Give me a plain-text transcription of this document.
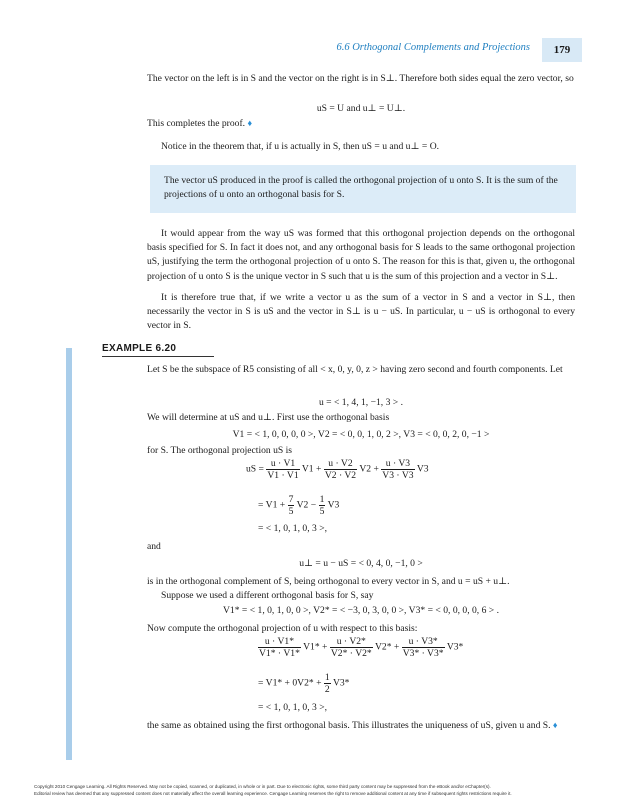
6.6 Orthogonal Complements and Projections	179
The vector on the left is in S and the vector on the right is in S⊥. Therefore both sides equal the zero vector, so
uS = U and u⊥ = U⊥.
This completes the proof. ♦
Notice in the theorem that, if u is actually in S, then uS = u and u⊥ = O.
The vector uS produced in the proof is called the orthogonal projection of u onto S. It is the sum of the projections of u onto an orthogonal basis for S.
It would appear from the way uS was formed that this orthogonal projection depends on the orthogonal basis specified for S. In fact it does not, and any orthogonal basis for S leads to the same orthogonal projection uS, justifying the term the orthogonal projection of u onto S. The reason for this is that, given u, the orthogonal projection of u onto S is the unique vector in S such that u is the sum of this projection and a vector in S⊥.
It is therefore true that, if we write a vector u as the sum of a vector in S and a vector in S⊥, then necessarily the vector in S is uS and the vector in S⊥ is u − uS. In particular, u − uS is orthogonal to every vector in S.
EXAMPLE 6.20
Let S be the subspace of R5 consisting of all < x, 0, y, 0, z > having zero second and fourth components. Let
u = < 1, 4, 1, −1, 3 > .
We will determine at uS and u⊥. First use the orthogonal basis
V1 = < 1, 0, 0, 0, 0 >, V2 = < 0, 0, 1, 0, 2 >, V3 = < 0, 0, 2, 0, −1 >
for S. The orthogonal projection uS is
uS = $\frac{u \cdot V1}{V1 \cdot V1} V1 + \frac{u \cdot V2}{V2 \cdot V2} V2 + \frac{u \cdot V3}{V3 \cdot V3} V3$
= $V1 + \frac{7}{5} V2 - \frac{1}{5} V3$
= < 1, 0, 1, 0, 3 >,
and
u⊥ = u − uS = < 0, 4, 0, −1, 0 >
is in the orthogonal complement of S, being orthogonal to every vector in S, and u = uS + u⊥.
Suppose we used a different orthogonal basis for S, say
V1* = < 1, 0, 1, 0, 0 >, V2* = < −3, 0, 3, 0, 0 >, V3* = < 0, 0, 0, 0, 6 > .
Now compute the orthogonal projection of u with respect to this basis:
$\frac{u \cdot V1*}{V1* \cdot V1*} V1* + \frac{u \cdot V2*}{V2* \cdot V2*} V2* + \frac{u \cdot V3*}{V3* \cdot V3*} V3*$
= $V1* + 0V2* + \frac{1}{2} V3*$
= < 1, 0, 1, 0, 3 >,
the same as obtained using the first orthogonal basis. This illustrates the uniqueness of uS, given u and S. ♦
Copyright 2010 Cengage Learning. All Rights Reserved. May not be copied, scanned, or duplicated, in whole or in part. Due to electronic rights, some third party content may be suppressed from the eBook and/or eChapter(s).
Editorial review has deemed that any suppressed content does not materially affect the overall learning experience. Cengage Learning reserves the right to remove additional content at any time if subsequent rights restrictions require it.
